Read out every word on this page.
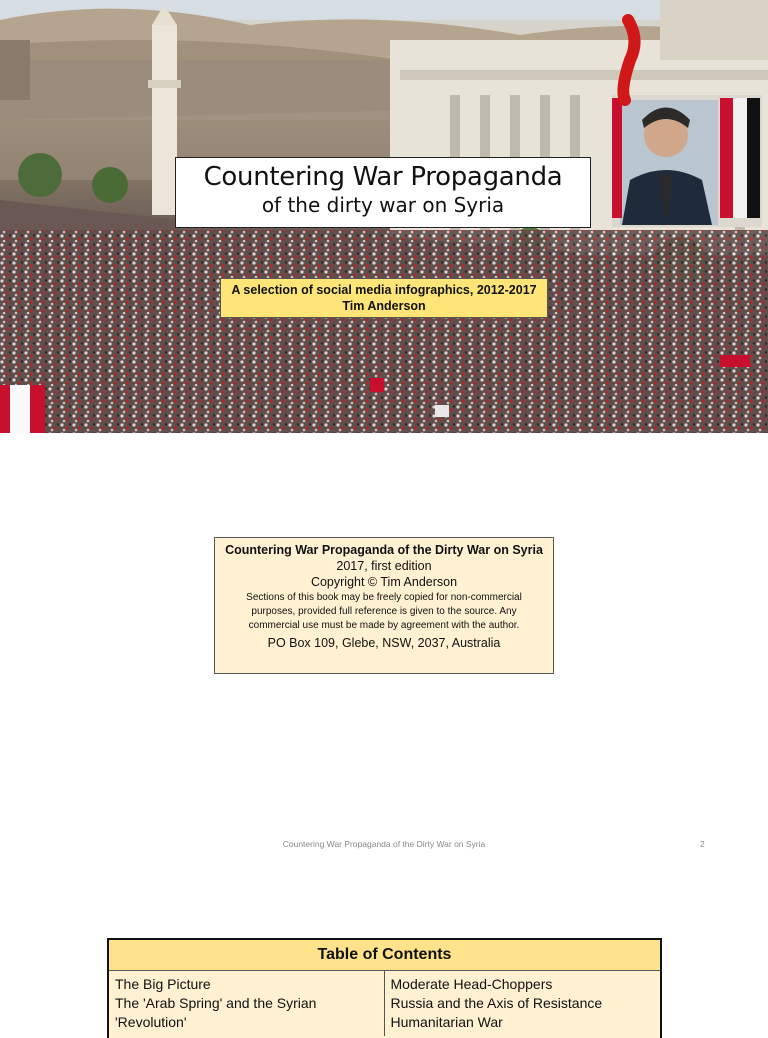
Countering War Propaganda
of the dirty war on Syria
A selection of social media infographics, 2012-2017
Tim Anderson
Countering War Propaganda of the Dirty War on Syria
2017, first edition
Copyright © Tim Anderson
Sections of this book may be freely copied for non-commercial
purposes, provided full reference is given to the source. Any
commercial use must be made by agreement with the author.
PO Box 109, Glebe, NSW, 2037, Australia
Countering War Propaganda of the Dirty War on Syria	2
Table of Contents
The Big Picture
The 'Arab Spring' and the Syrian
'Revolution'
Moderate Head-Choppers
Russia and the Axis of Resistance
Humanitarian War
